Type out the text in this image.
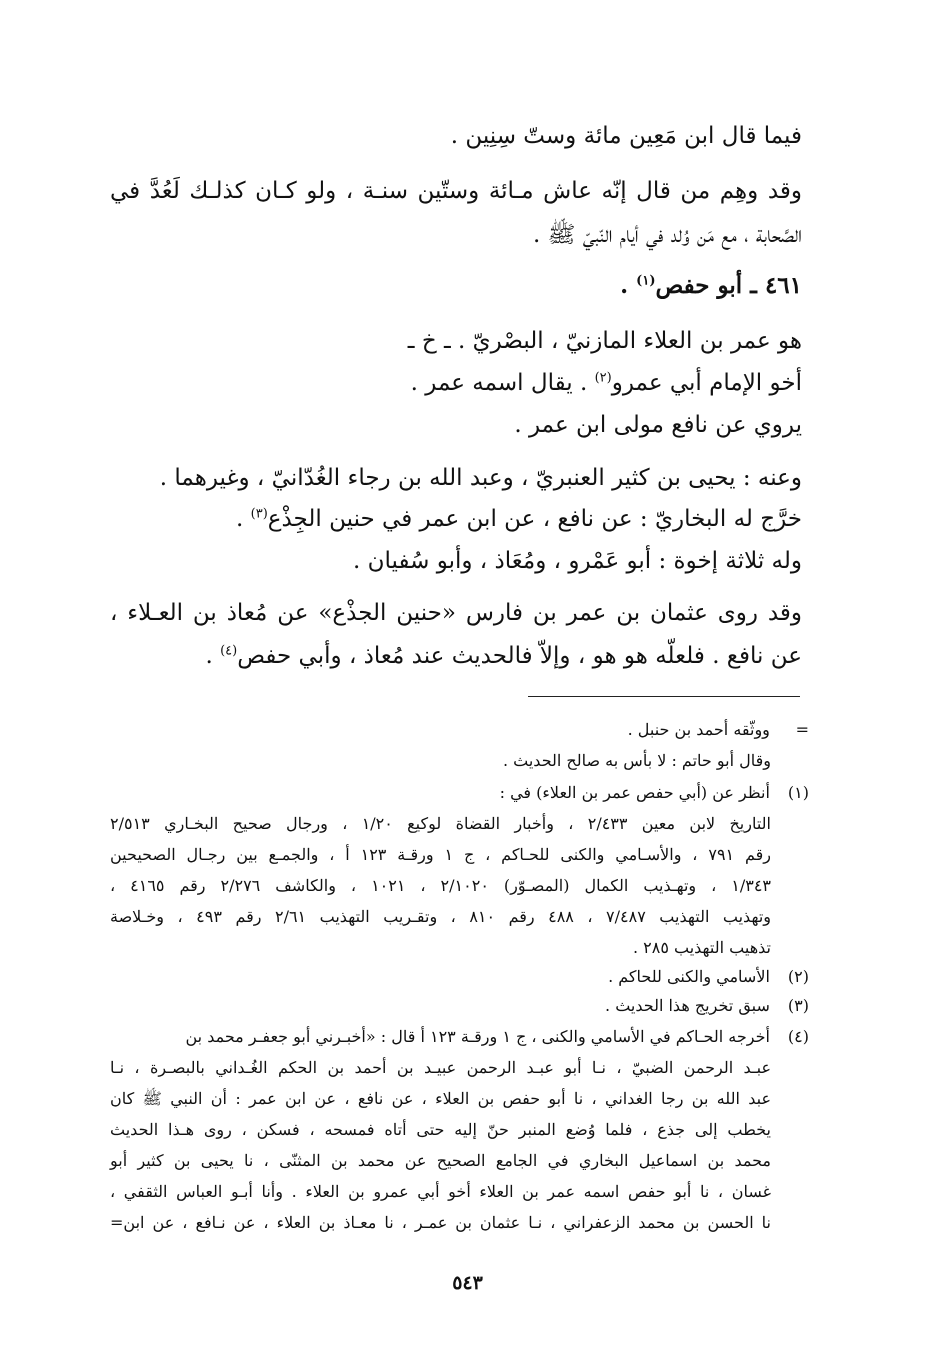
فيما قال ابن مَعِين مائة وستّ سِنِين .
وقد وهِم من قال إنّه عاش مـائة وستّين سنـة ، ولو كـان كذلـك لَعُدَّ في
الصَّحابة ، مع مَن وُلد في أيام النّبيّ ﷺ .
٤٦١ ـ أبو حفص$^{(١)}$ .
هو عمر بن العلاء المازنيّ ، البصْريّ . ـ خ ـ
أخو الإمام أبي عمرو$^{(٢)}$ . يقال اسمه عمر .
يروي عن نافع مولى ابن عمر .
وعنه : يحيى بن كثير العنبريّ ، وعبد الله بن رجاء الغُدّانيّ ، وغيرهما .
خرَّج له البخاريّ : عن نافع ، عن ابن عمر في حنين الجِذْع$^{(٣)}$ .
وله ثلاثة إخوة : أبو عَمْرو ، ومُعَاذ ، وأبو سُفيان .
وقد روى عثمان بن عمر بن فارس «حنين الجذْع» عن مُعاذ بن العـلاء ،
عن نافع . فلعلّه هو هو ، وإلاّ فالحديث عند مُعاذ ، وأبي حفص$^{(٤)}$ .
= ووثّقه أحمد بن حنبل .
وقال أبو حاتم : لا بأس به صالح الحديث .
(١) أنظر عن (أبي حفص عمر بن العلاء) في :
التاريخ لابن معين ٢/٤٣٣ ، وأخبار القضاة لوكيع ١/٢٠ ، ورجال صحيح البخـاري ٢/٥١٣
رقم ٧٩١ ، والأسـامي والكنى للحـاكم ، ج ١ ورقـة ١٢٣ أ ، والجمـع بين رجـال الصحيحين
١/٣٤٣ ، وتهـذيب الكمال (المصـوّر) ٢/١٠٢٠ ، ١٠٢١ ، والكاشف ٢/٢٧٦ رقم ٤١٦٥ ،
وتهذيب التهذيب ٧/٤٨٧ ، ٤٨٨ رقم ٨١٠ ، وتقـريب التهذيب ٢/٦١ رقم ٤٩٣ ، وخـلاصة
تذهيب التهذيب ٢٨٥ .
(٢) الأسامي والكنى للحاكم .
(٣) سبق تخريج هذا الحديث .
(٤) أخرجه الحـاكم في الأسامي والكنى ، ج ١ ورقـة ١٢٣ أ قال : «أخبـرني أبو جعفـر محمد بن
عبـد الرحمن الضبيّ ، نـا أبو عبـد الرحمن عبيـد بن أحمد بن الحكم الغُـداني بالبصـرة ، نـا
عبد الله بن رجا الغداني ، نا أبو حفص بن العلاء ، عن نافع ، عن ابن عمر : أن النبي ﷺ كان
يخطب إلى جذع ، فلما وُضع المنبر حنّ إليه حتى أتاه فمسحه ، فسكن ، روى هـذا الحديث
محمد بن اسماعيل البخاري في الجامع الصحيح عن محمد بن المثنّى ، نا يحيى بن كثير أبو
غسان ، نا أبو حفص اسمه عمر بن العلاء أخو أبي عمرو بن العلاء . وأنا أبـو العباس الثقفي ،
نا الحسن بن محمد الزعفراني ، نـا عثمان بن عمـر ، نا معـاذ بن العلاء ، عن نـافع ، عن ابن=
٥٤٣
